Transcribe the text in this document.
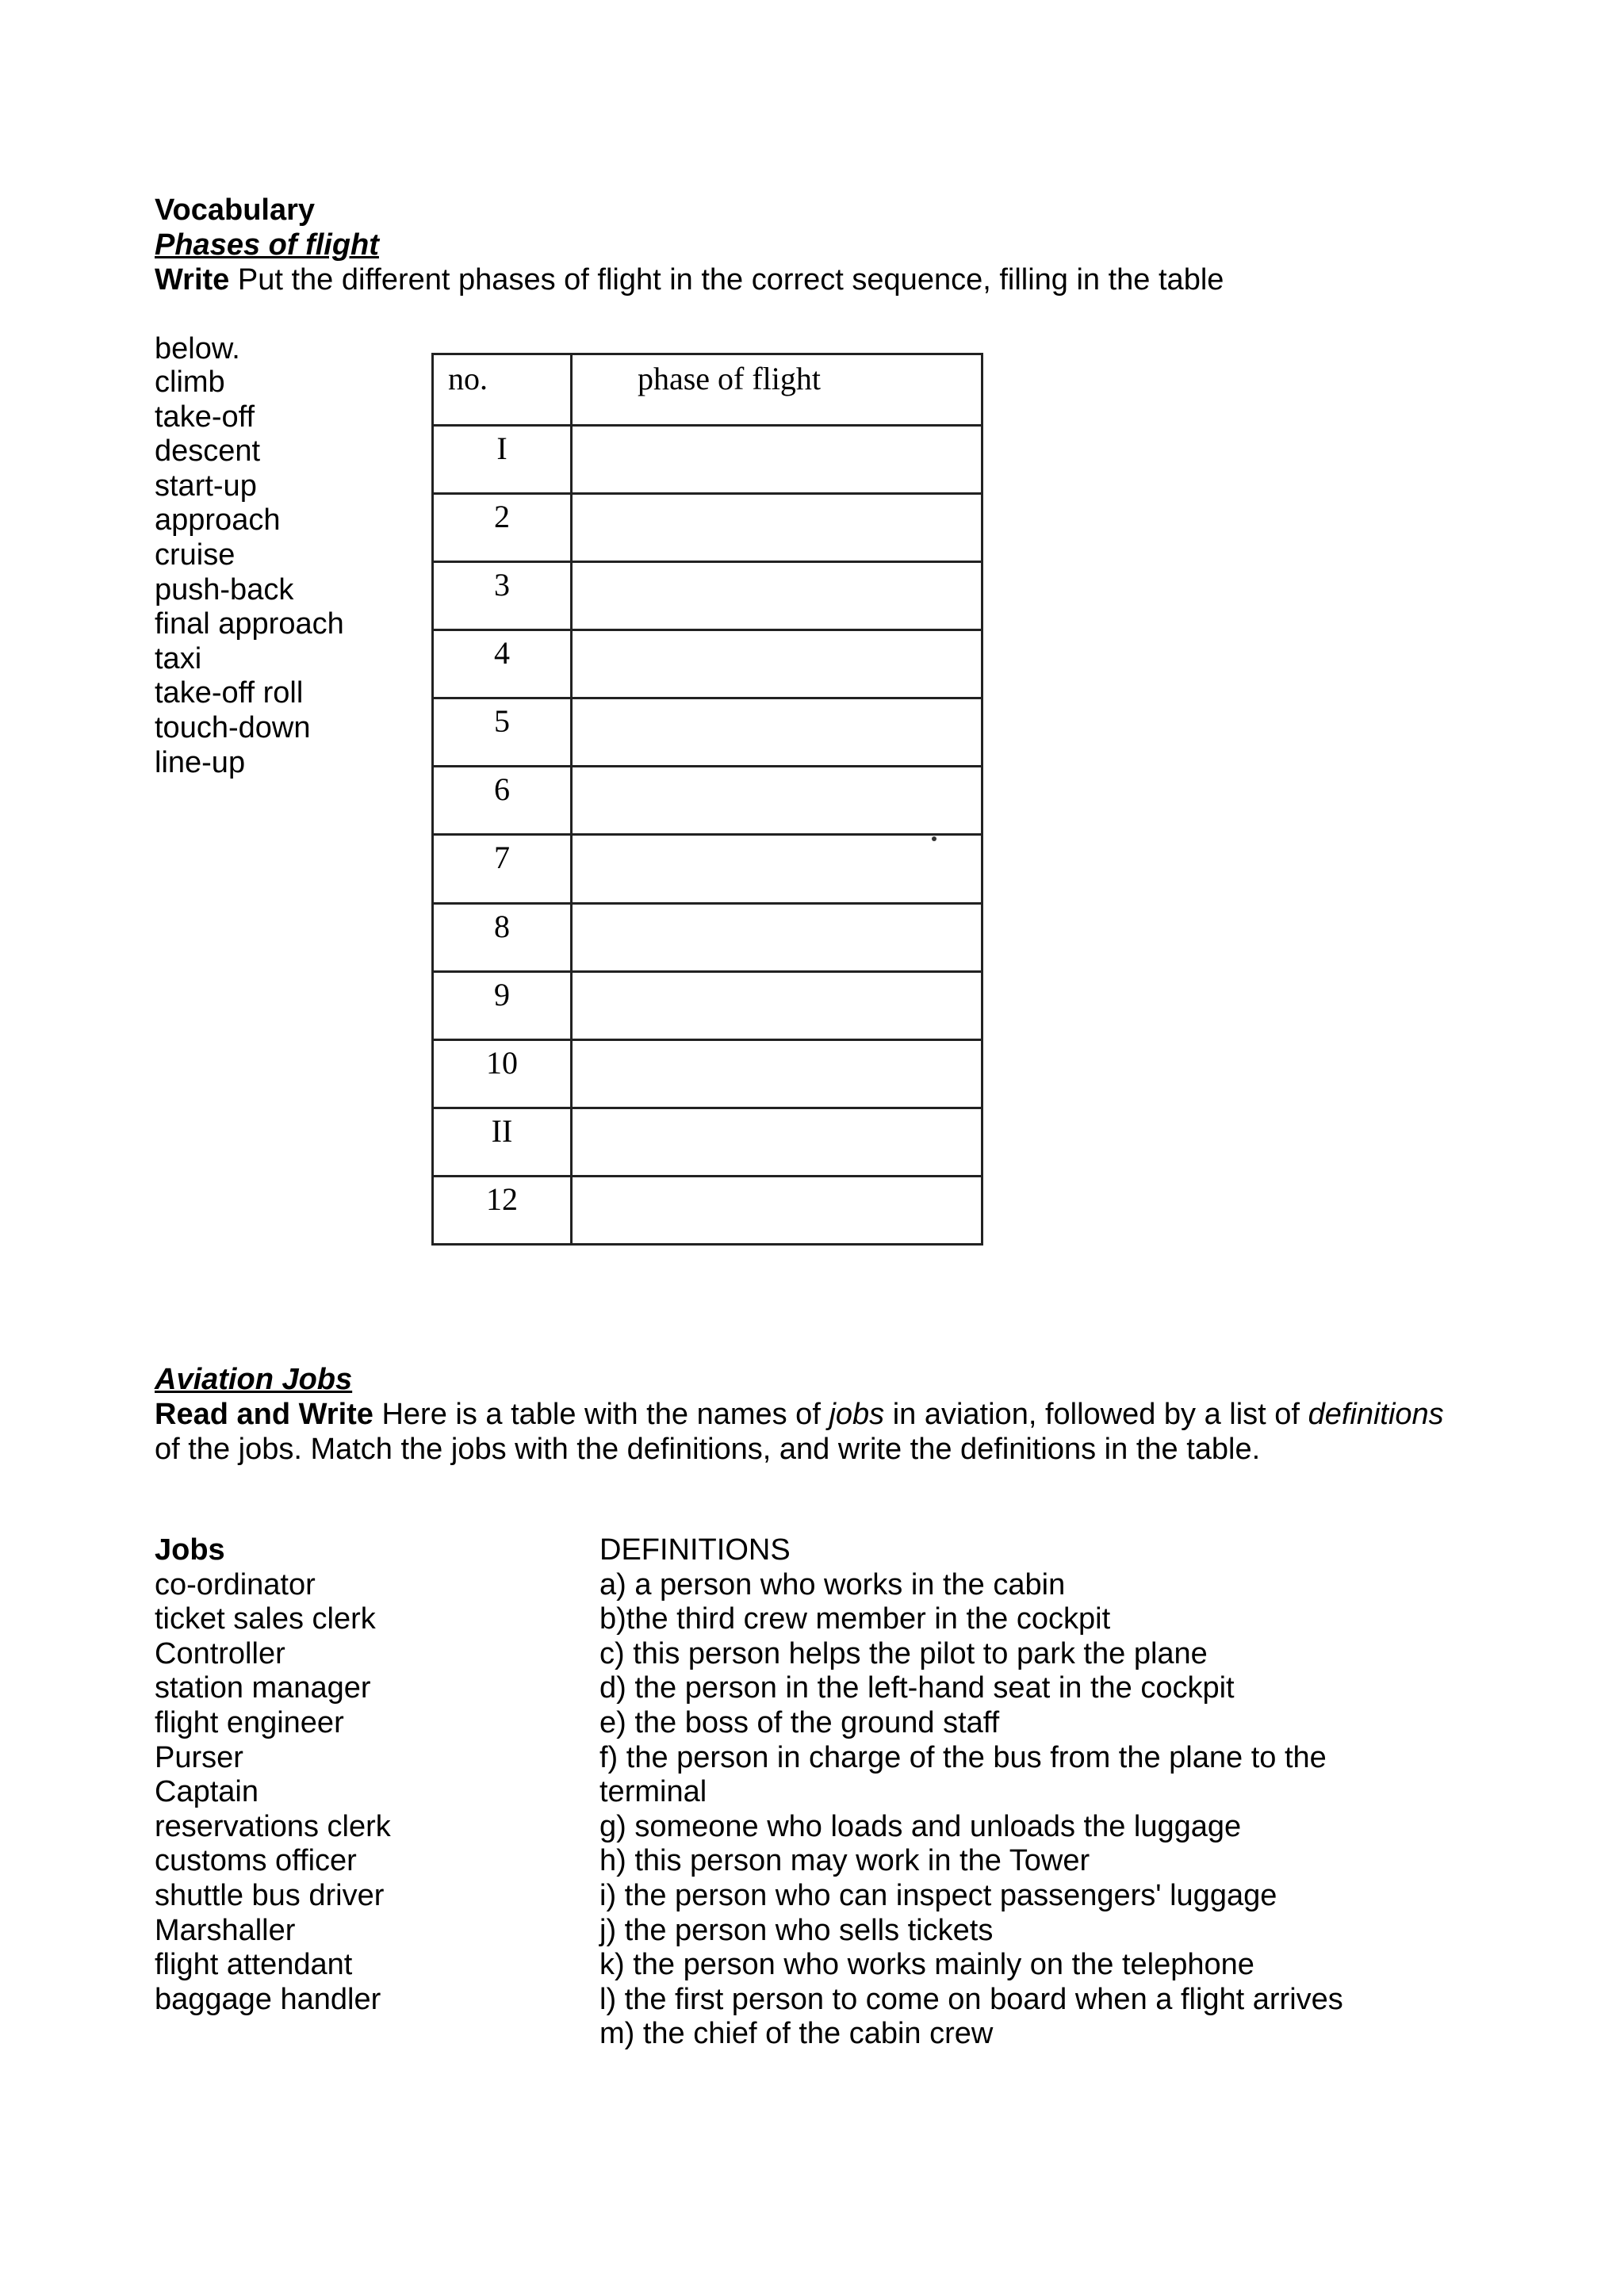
Vocabulary
Phases of flight
Write Put the different phases of flight in the correct sequence, filling in the table
below.
climb
take-off
descent
start-up
approach
cruise
push-back
final approach
taxi
take-off roll
touch-down
line-up
no.	phase of flight
I	
2	
3	
4	
5	
6	
7	
8	
9	
10	
II	
12	
Aviation Jobs
Read and Write Here is a table with the names of jobs in aviation, followed by a list of definitions
of the jobs. Match the jobs with the definitions, and write the definitions in the table.
Jobs
co-ordinator
ticket sales clerk
Controller
station manager
flight engineer
Purser
Captain
reservations clerk
customs officer
shuttle bus driver
Marshaller
flight attendant
baggage handler
DEFINITIONS
a) a person who works in the cabin
b)the third crew member in the cockpit
c) this person helps the pilot to park the plane
d) the person in the left-hand seat in the cockpit
e) the boss of the ground staff
f) the person in charge of the bus from the plane to the
terminal
g) someone who loads and unloads the luggage
h) this person may work in the Tower
i) the person who can inspect passengers' luggage
j) the person who sells tickets
k) the person who works mainly on the telephone
l) the first person to come on board when a flight arrives
m) the chief of the cabin crew
